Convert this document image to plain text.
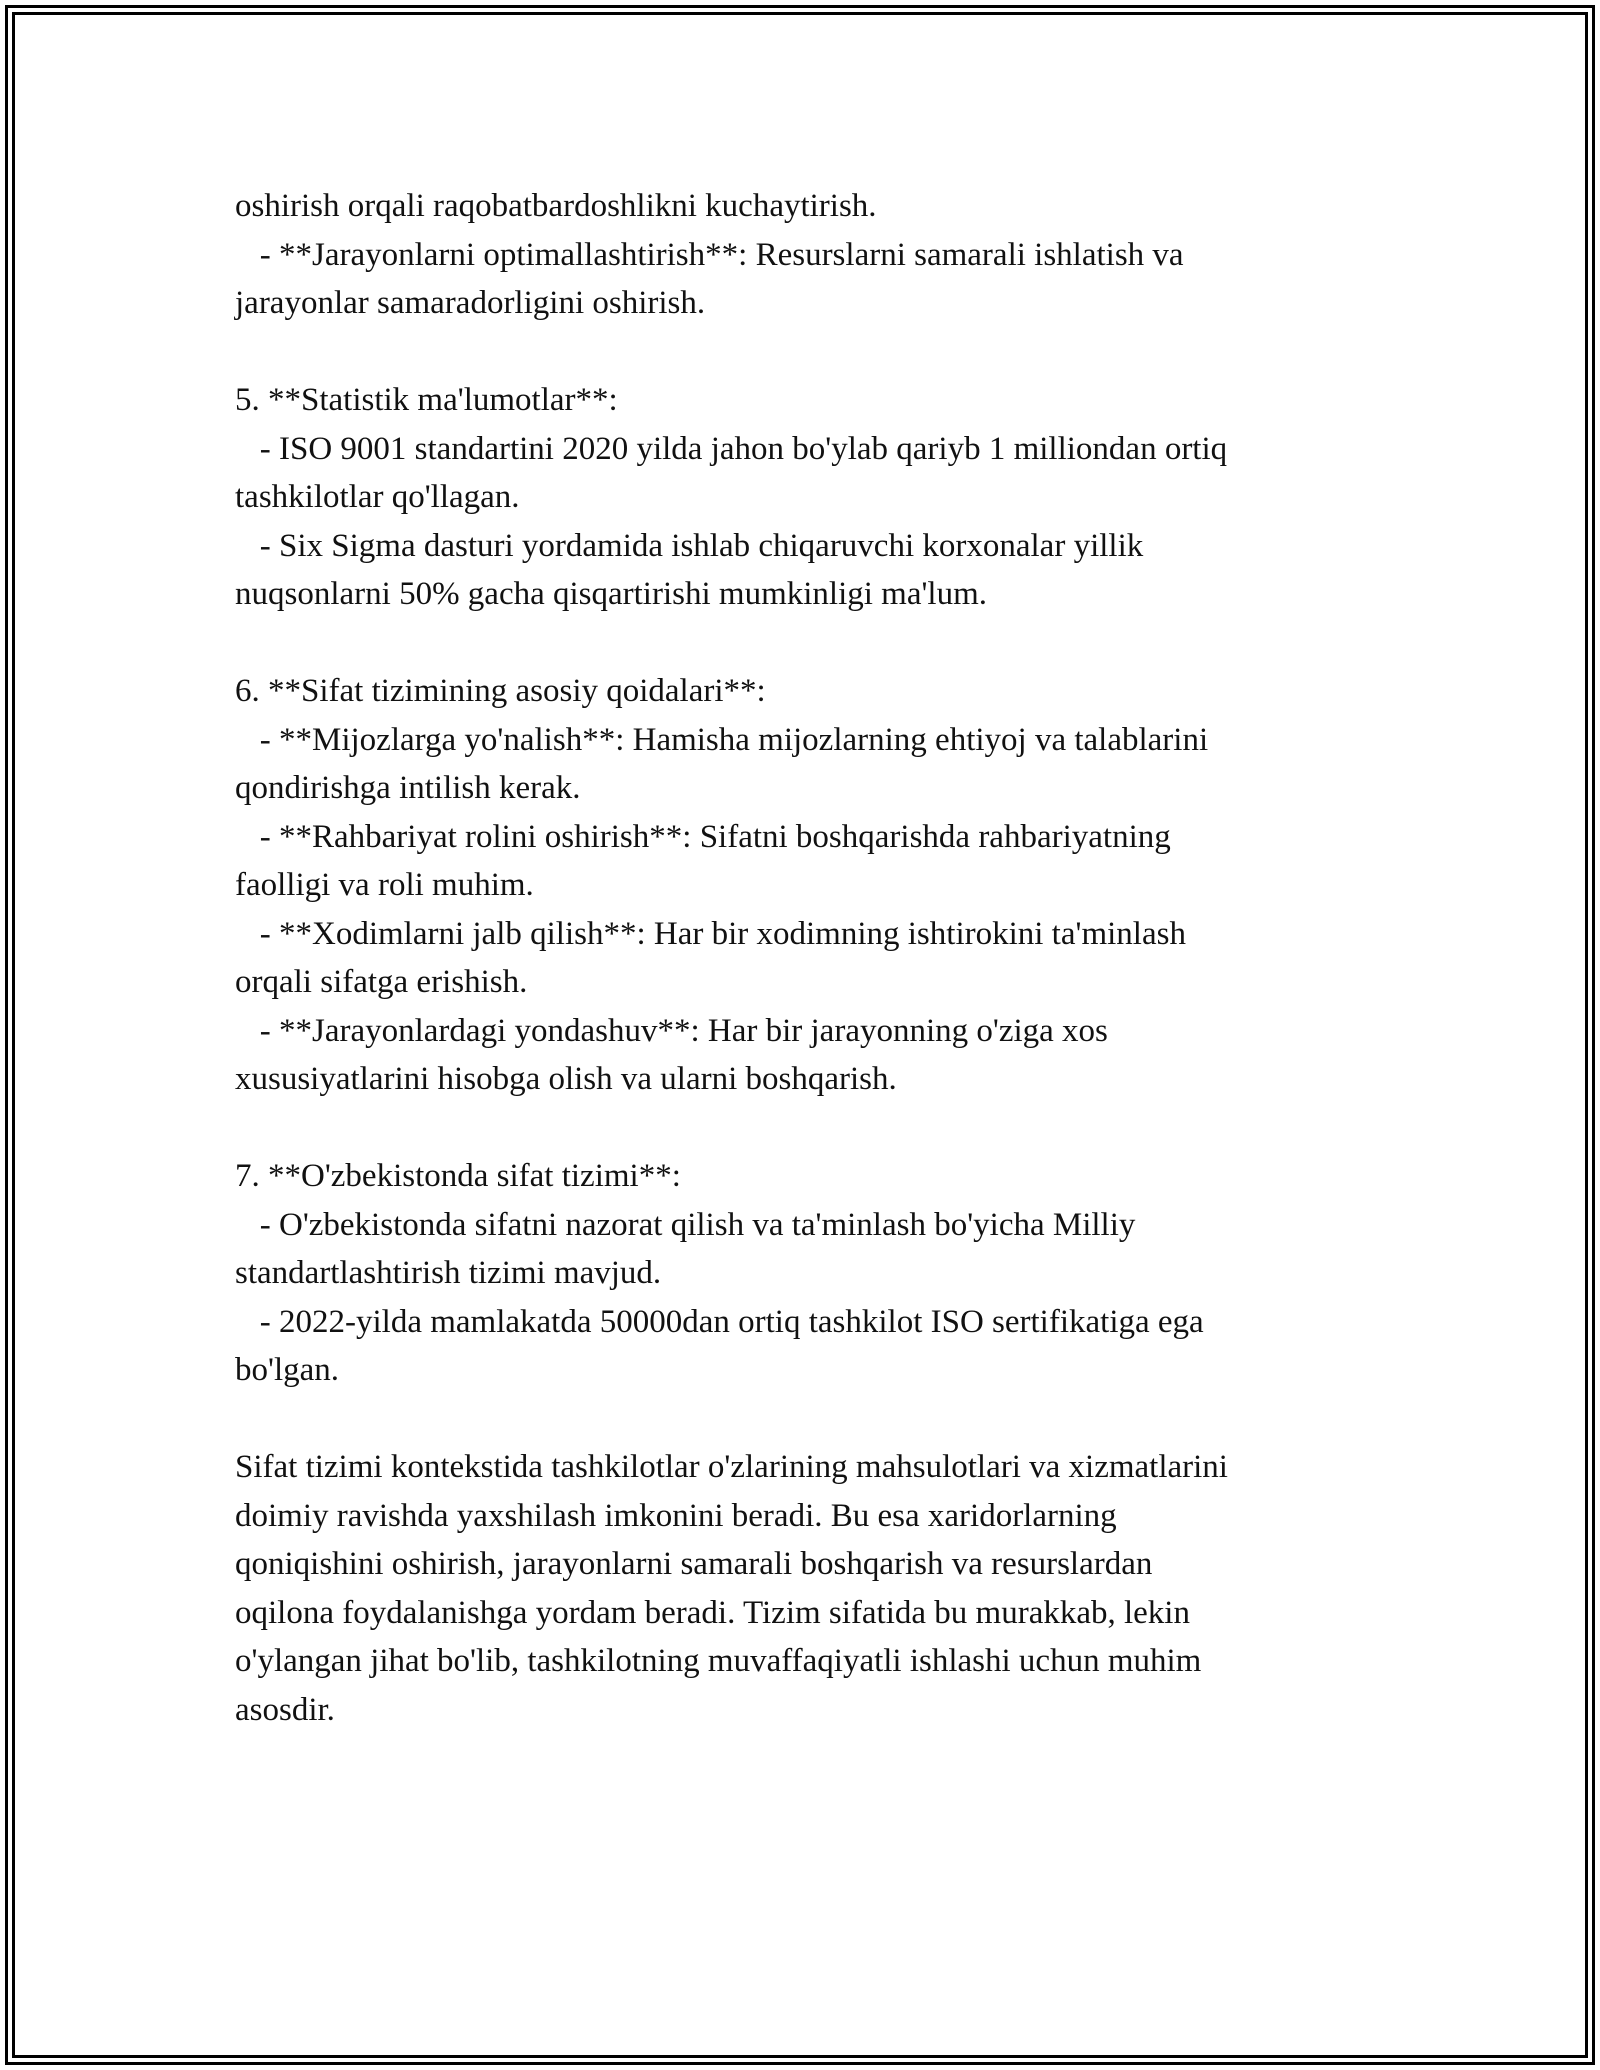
oshirish orqali raqobatbardoshlikni kuchaytirish.
- **Jarayonlarni optimallashtirish**: Resurslarni samarali ishlatish va
jarayonlar samaradorligini oshirish.
5. **Statistik ma'lumotlar**:
- ISO 9001 standartini 2020 yilda jahon bo'ylab qariyb 1 milliondan ortiq
tashkilotlar qo'llagan.
- Six Sigma dasturi yordamida ishlab chiqaruvchi korxonalar yillik
nuqsonlarni 50% gacha qisqartirishi mumkinligi ma'lum.
6. **Sifat tizimining asosiy qoidalari**:
- **Mijozlarga yo'nalish**: Hamisha mijozlarning ehtiyoj va talablarini
qondirishga intilish kerak.
- **Rahbariyat rolini oshirish**: Sifatni boshqarishda rahbariyatning
faolligi va roli muhim.
- **Xodimlarni jalb qilish**: Har bir xodimning ishtirokini ta'minlash
orqali sifatga erishish.
- **Jarayonlardagi yondashuv**: Har bir jarayonning o'ziga xos
xususiyatlarini hisobga olish va ularni boshqarish.
7. **O'zbekistonda sifat tizimi**:
- O'zbekistonda sifatni nazorat qilish va ta'minlash bo'yicha Milliy
standartlashtirish tizimi mavjud.
- 2022-yilda mamlakatda 50000dan ortiq tashkilot ISO sertifikatiga ega
bo'lgan.
Sifat tizimi kontekstida tashkilotlar o'zlarining mahsulotlari va xizmatlarini
doimiy ravishda yaxshilash imkonini beradi. Bu esa xaridorlarning
qoniqishini oshirish, jarayonlarni samarali boshqarish va resurslardan
oqilona foydalanishga yordam beradi. Tizim sifatida bu murakkab, lekin
o'ylangan jihat bo'lib, tashkilotning muvaffaqiyatli ishlashi uchun muhim
asosdir.
